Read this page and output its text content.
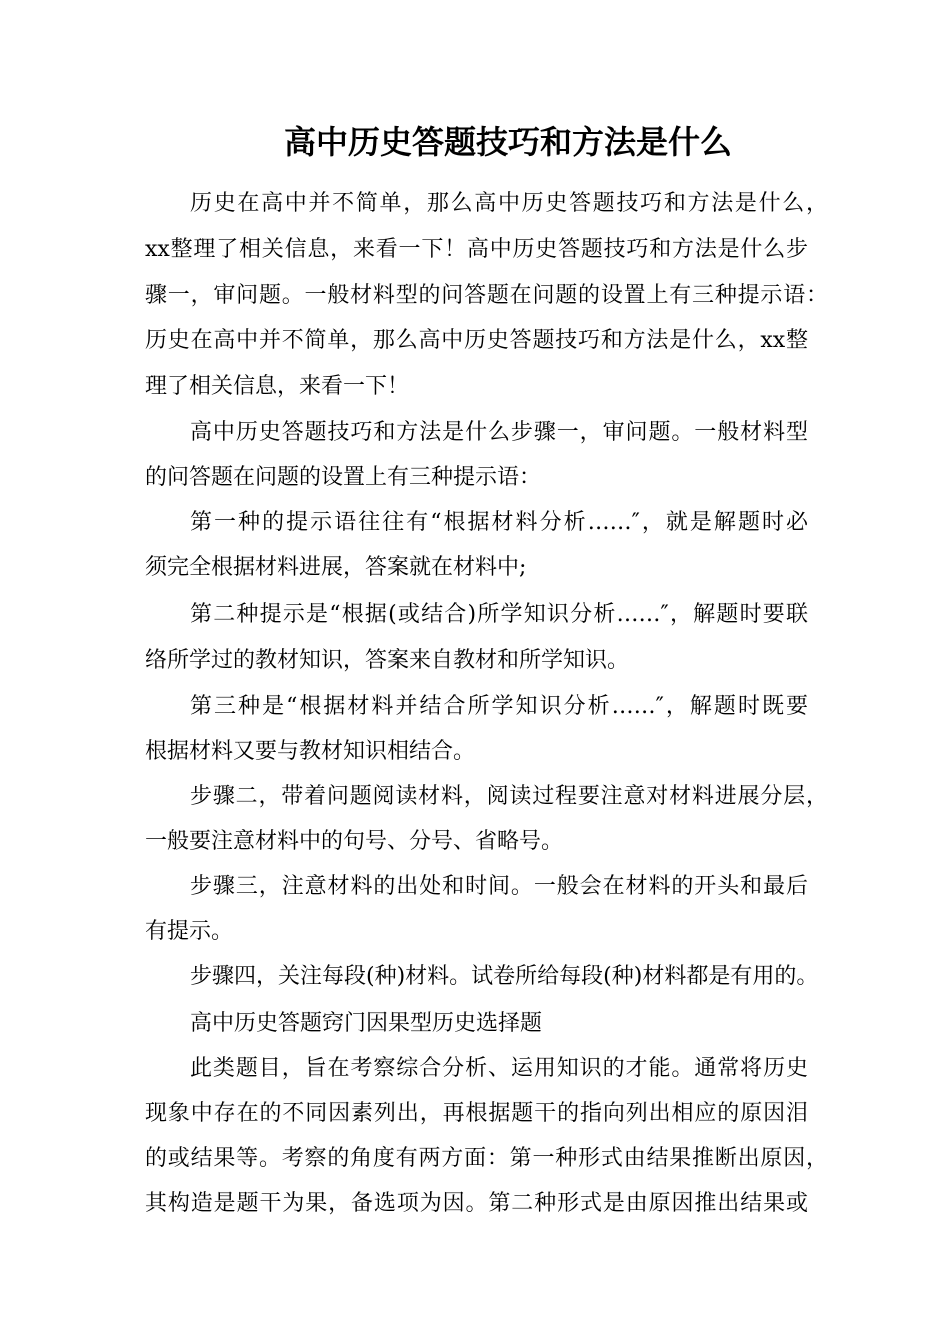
高中历史答题技巧和方法是什么

历史在高中并不简单，那么高中历史答题技巧和方法是什么，

xx整理了相关信息，来看一下！高中历史答题技巧和方法是什么步

骤一，审问题。一般材料型的问答题在问题的设置上有三种提示语：

历史在高中并不简单，那么高中历史答题技巧和方法是什么，xx整

理了相关信息，来看一下！

高中历史答题技巧和方法是什么步骤一，审问题。一般材料型

的问答题在问题的设置上有三种提示语：

第一种的提示语往往有“根据材料分析……″，就是解题时必

须完全根据材料进展，答案就在材料中;

第二种提示是“根据(或结合)所学知识分析……″，解题时要联

络所学过的教材知识，答案来自教材和所学知识。

第三种是“根据材料并结合所学知识分析……″，解题时既要

根据材料又要与教材知识相结合。

步骤二，带着问题阅读材料，阅读过程要注意对材料进展分层，

一般要注意材料中的句号、分号、省略号。

步骤三，注意材料的出处和时间。一般会在材料的开头和最后

有提示。

步骤四，关注每段(种)材料。试卷所给每段(种)材料都是有用的。

高中历史答题窍门因果型历史选择题

此类题目，旨在考察综合分析、运用知识的才能。通常将历史

现象中存在的不同因素列出，再根据题干的指向列出相应的原因泪

的或结果等。考察的角度有两方面：第一种形式由结果推断出原因，

其构造是题干为果，备选项为因。第二种形式是由原因推出结果或
